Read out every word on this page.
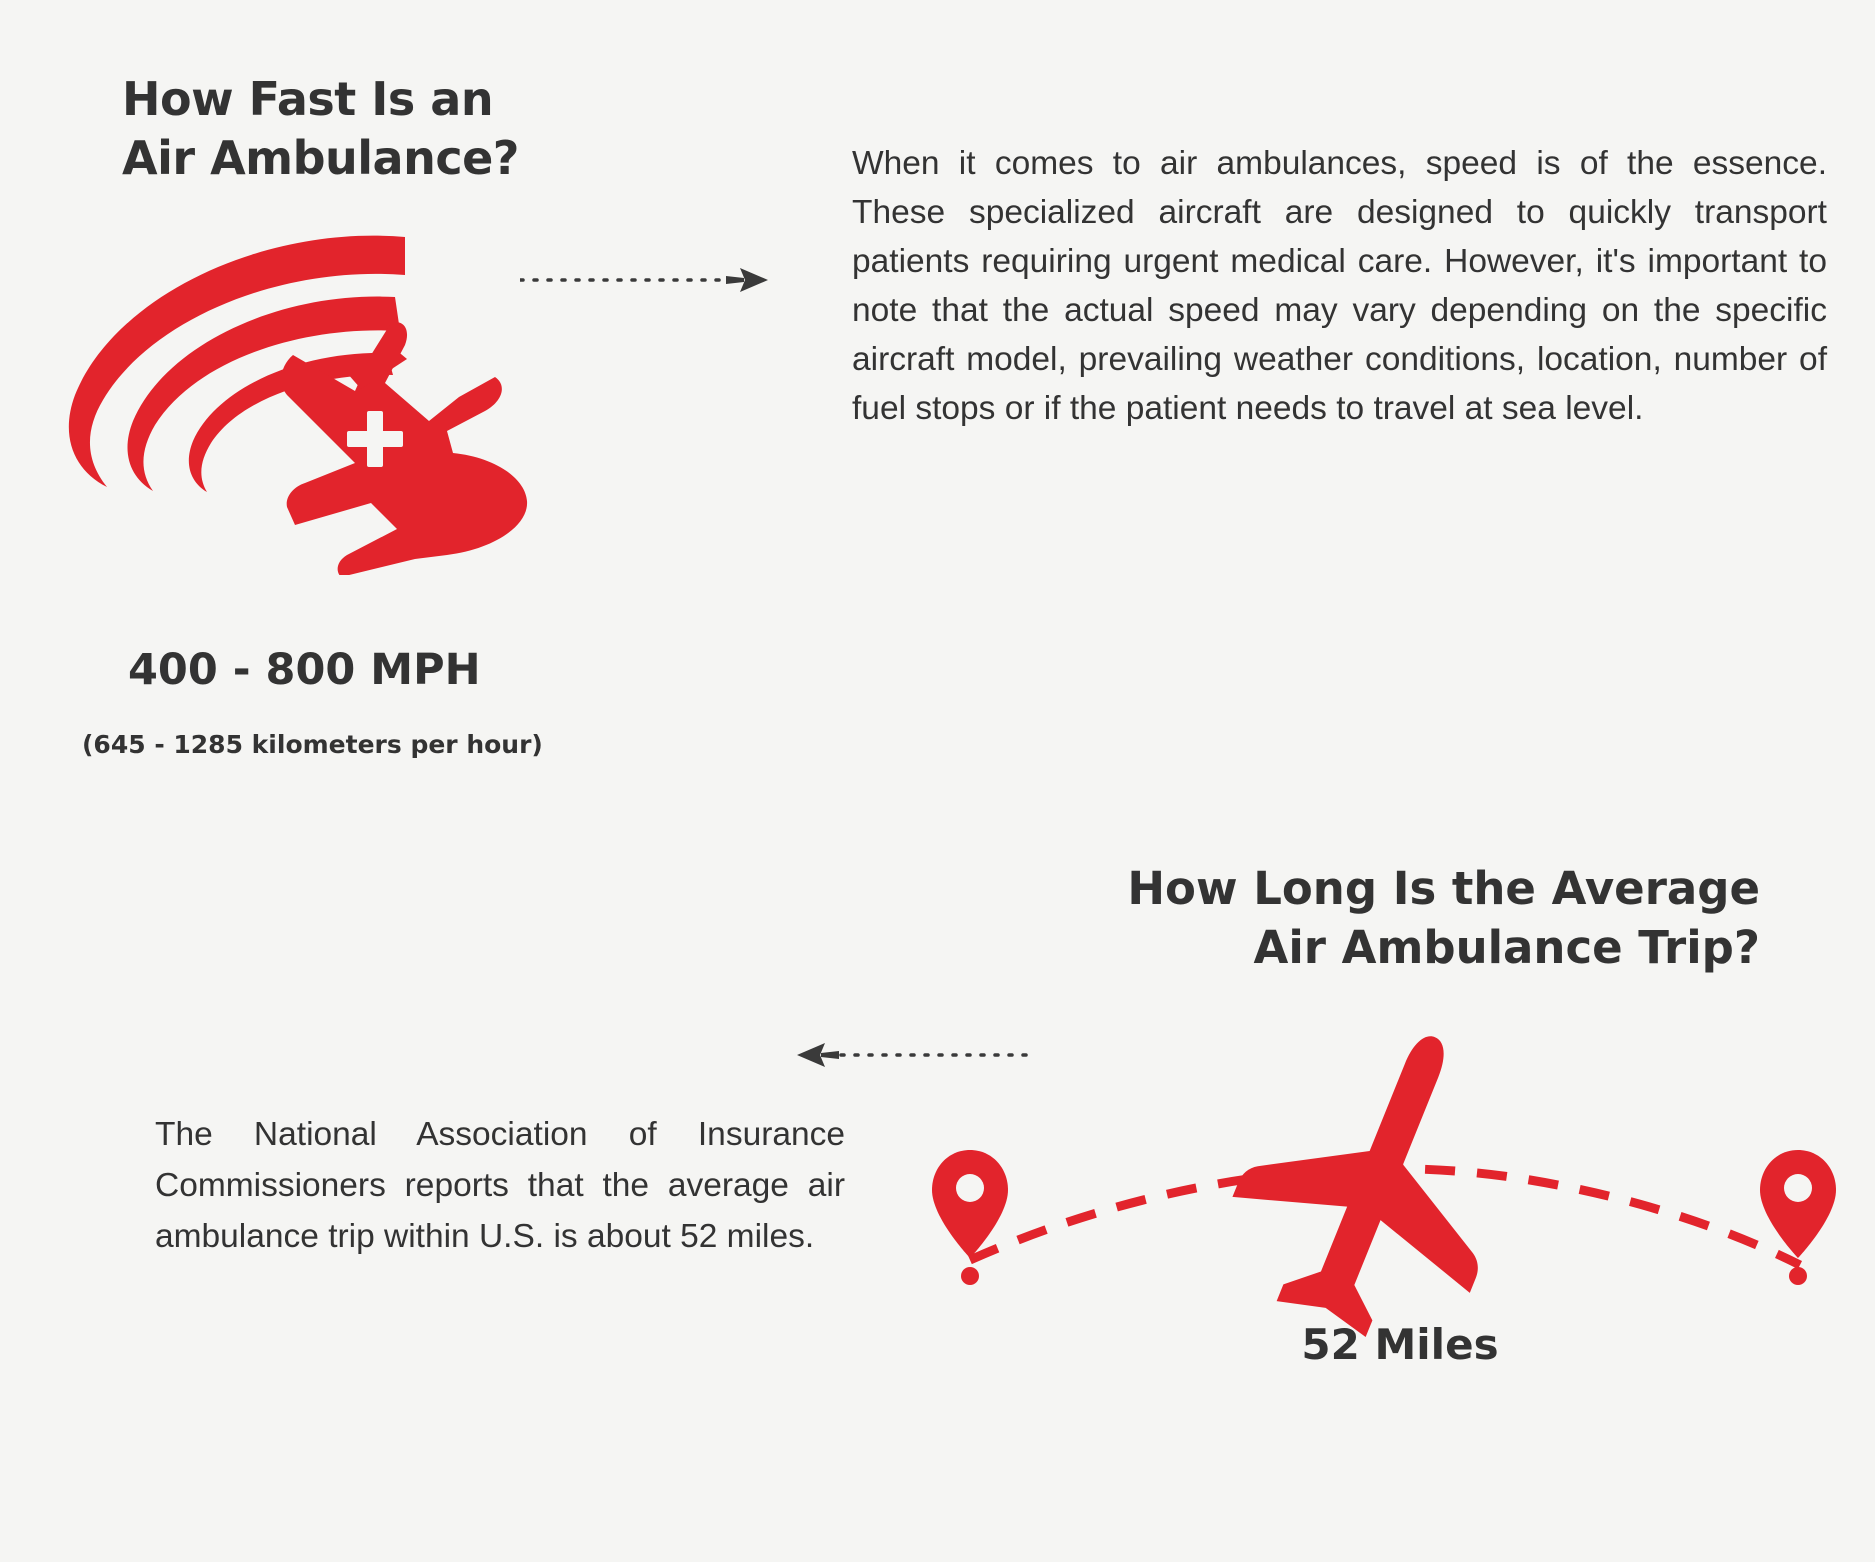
How Fast Is an
Air Ambulance?
400 - 800 MPH
(645 - 1285 kilometers per hour)
When it comes to air ambulances, speed is of the essence. These specialized aircraft are designed to quickly transport patients requiring urgent medical care. However, it's important to note that the actual speed may vary depending on the specific aircraft model, prevailing weather conditions, location, number of fuel stops or if the patient needs to travel at sea level.
How Long Is the Average
Air Ambulance Trip?
The National Association of Insurance Commissioners reports that the average air ambulance trip within U.S. is about 52 miles.
52 Miles
